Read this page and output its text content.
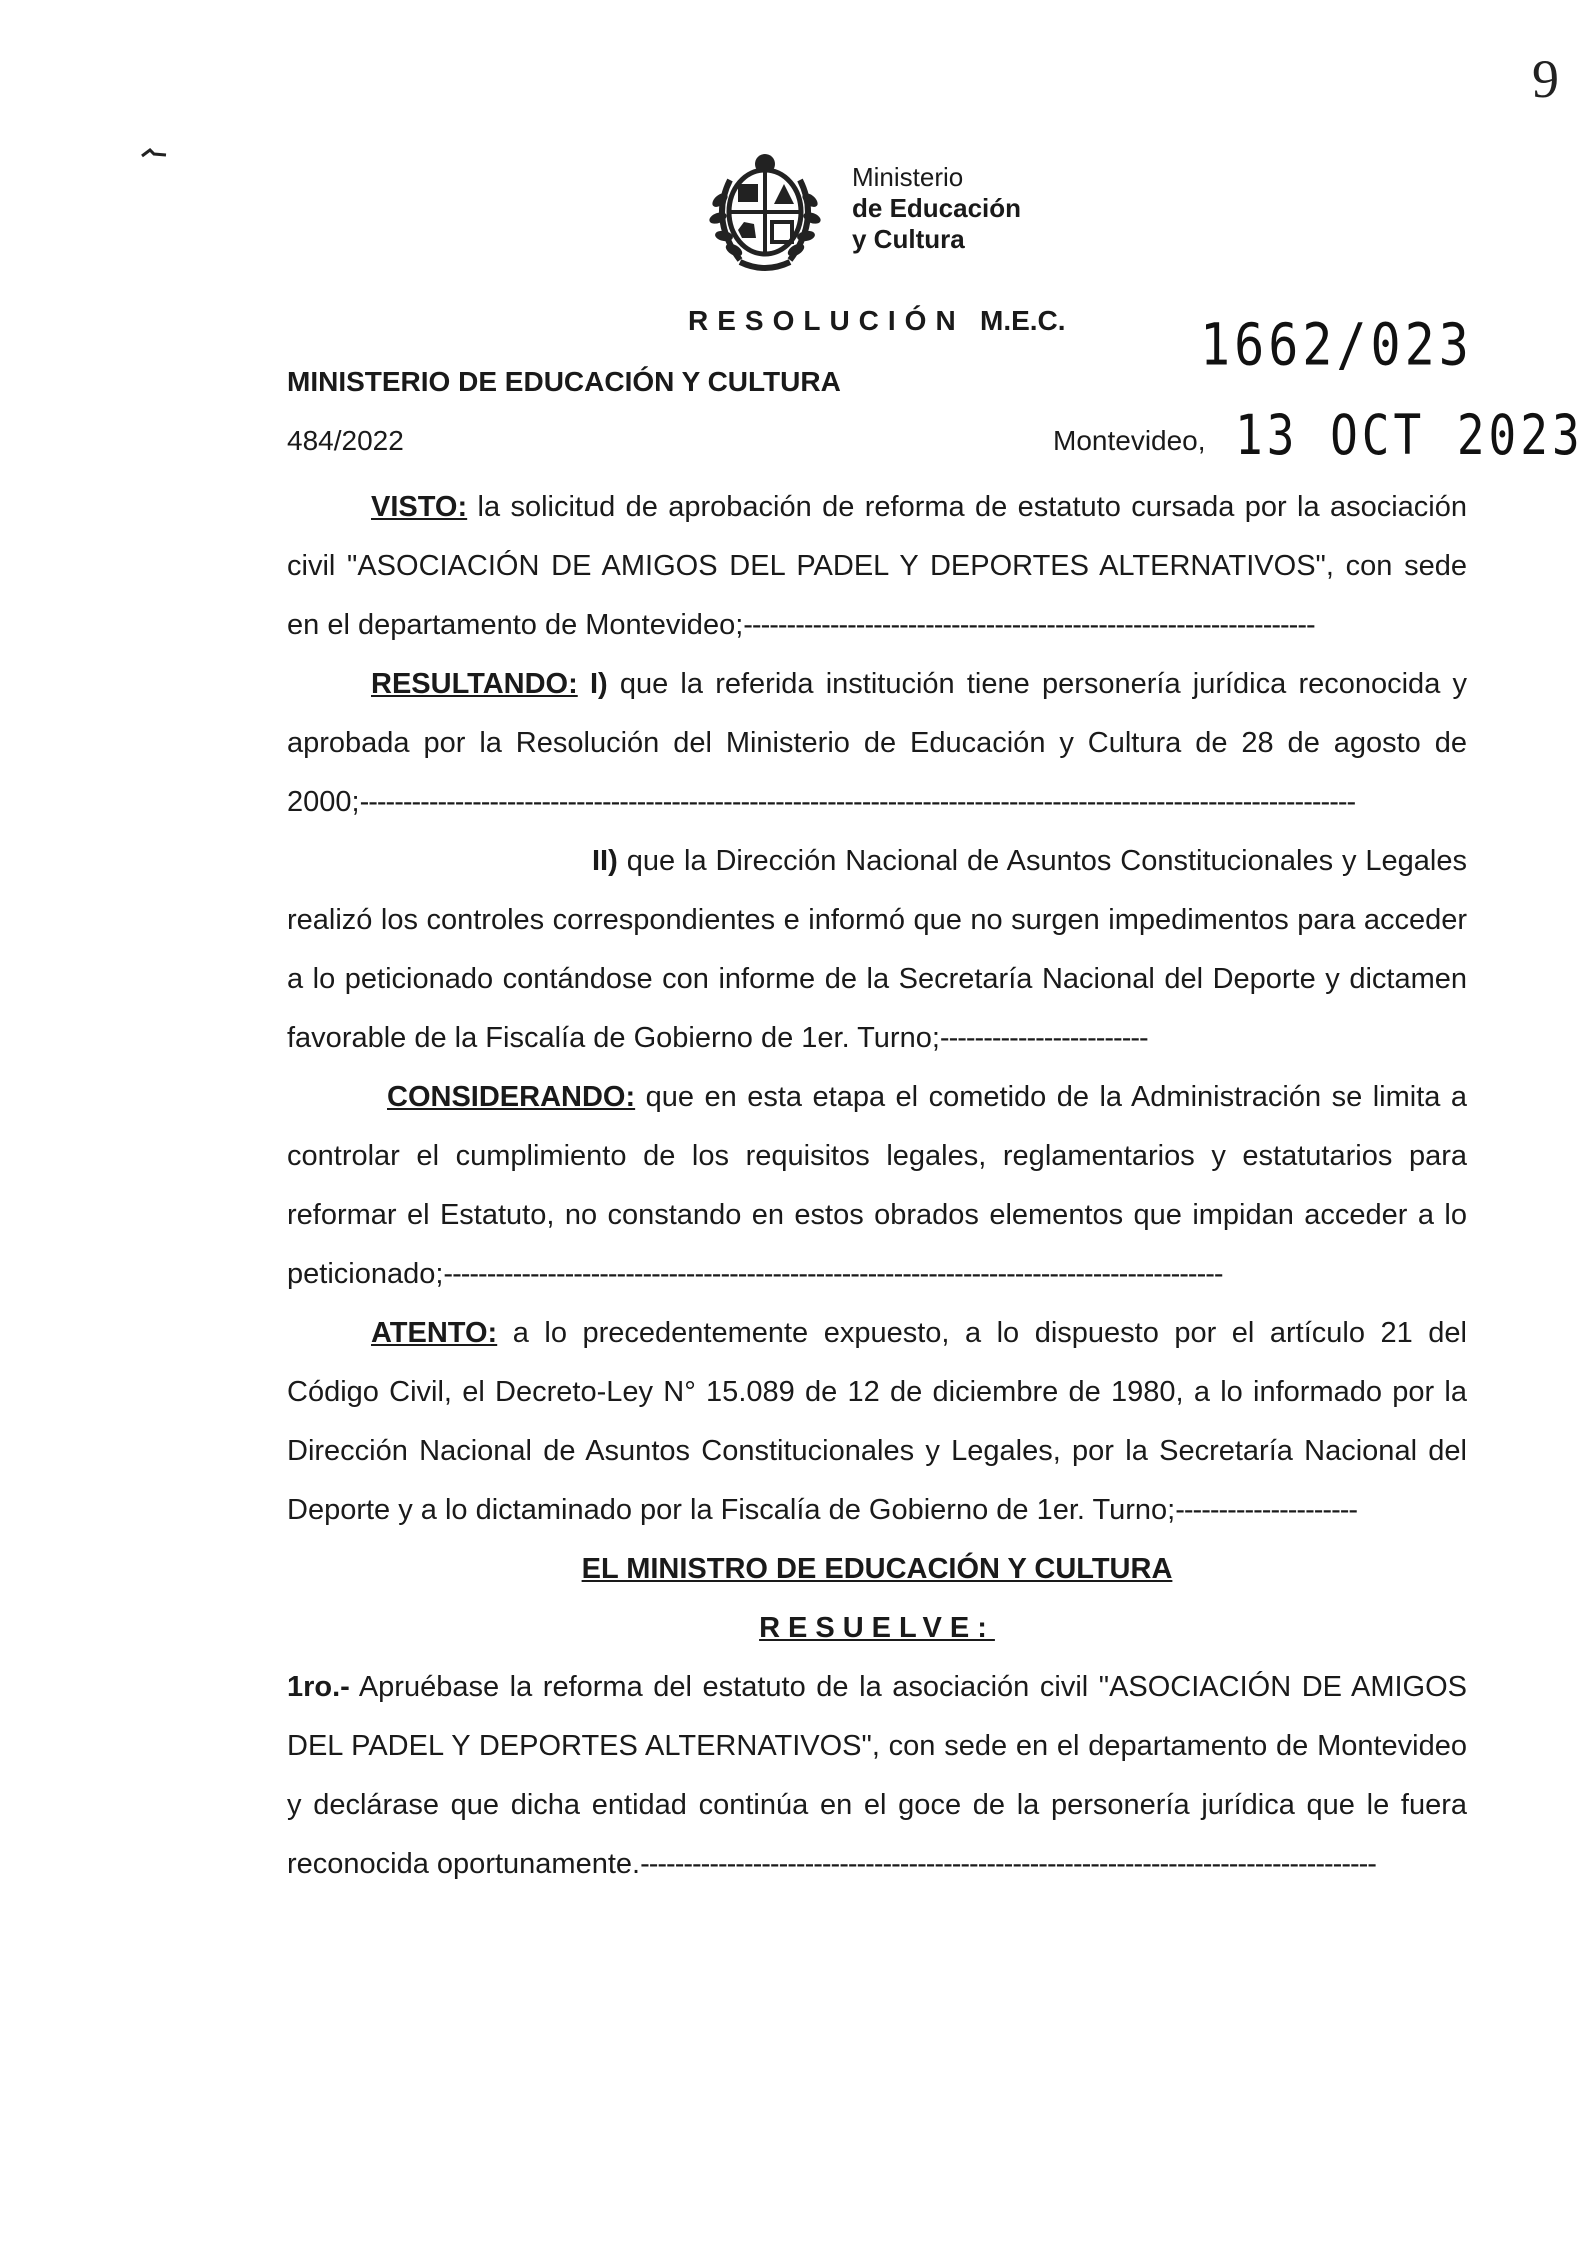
9
Ministerio
de Educación
y Cultura
RESOLUCIÓN M.E.C.	1662/023
MINISTERIO DE EDUCACIÓN Y CULTURA
484/2022	Montevideo, 13 OCT 2023

VISTO: la solicitud de aprobación de reforma de estatuto cursada por la asociación civil "ASOCIACIÓN DE AMIGOS DEL PADEL Y DEPORTES ALTERNATIVOS", con sede en el departamento de Montevideo;------------------------------------------------------------------

RESULTANDO: I) que la referida institución tiene personería jurídica reconocida y aprobada por la Resolución del Ministerio de Educación y Cultura de 28 de agosto de 2000;-------------------------------------------------------------------------------------------------------------------

II) que la Dirección Nacional de Asuntos Constitucionales y Legales realizó los controles correspondientes e informó que no surgen impedimentos para acceder a lo peticionado contándose con informe de la Secretaría Nacional del Deporte y dictamen favorable de la Fiscalía de Gobierno de 1er. Turno;------------------------

CONSIDERANDO: que en esta etapa el cometido de la Administración se limita a controlar el cumplimiento de los requisitos legales, reglamentarios y estatutarios para reformar el Estatuto, no constando en estos obrados elementos que impidan acceder a lo peticionado;------------------------------------------------------------------------------------------

ATENTO: a lo precedentemente expuesto, a lo dispuesto por el artículo 21 del Código Civil, el Decreto-Ley N° 15.089 de 12 de diciembre de 1980, a lo informado por la Dirección Nacional de Asuntos Constitucionales y Legales, por la Secretaría Nacional del Deporte y a lo dictaminado por la Fiscalía de Gobierno de 1er. Turno;---------------------

EL MINISTRO DE EDUCACIÓN Y CULTURA

RESUELVE:

1ro.- Apruébase la reforma del estatuto de la asociación civil "ASOCIACIÓN DE AMIGOS DEL PADEL Y DEPORTES ALTERNATIVOS", con sede en el departamento de Montevideo y declárase que dicha entidad continúa en el goce de la personería jurídica que le fuera reconocida oportunamente.-------------------------------------------------------------------------------------
